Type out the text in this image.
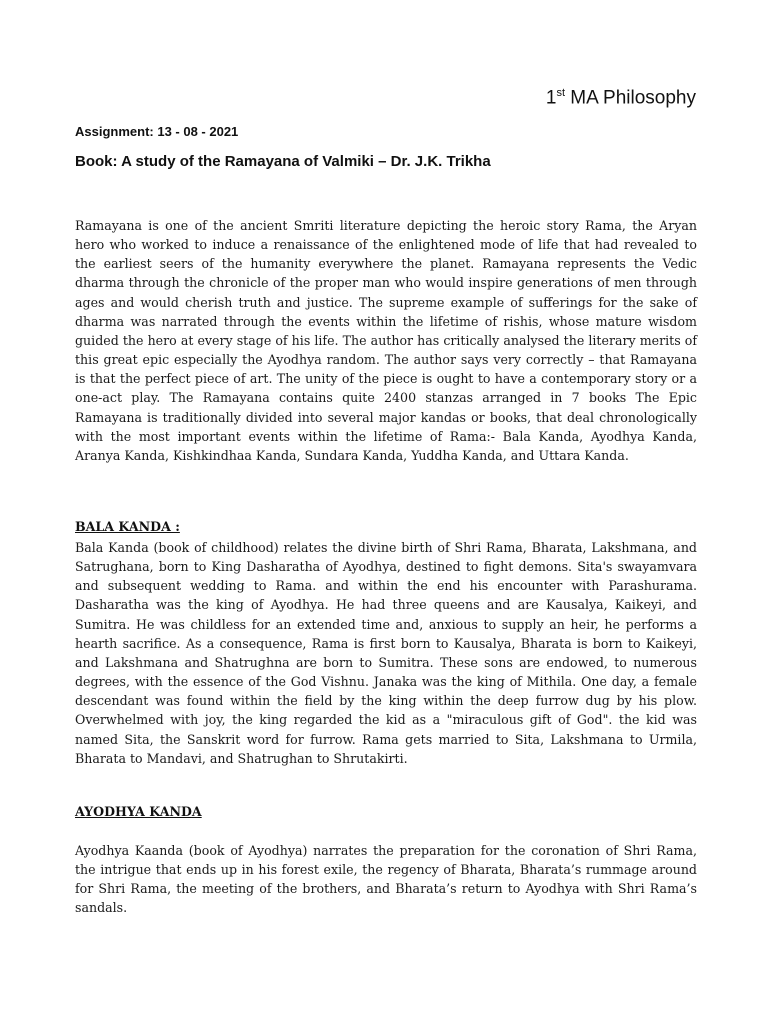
1st MA Philosophy
Assignment: 13 - 08 - 2021
Book: A study of the Ramayana of Valmiki – Dr. J.K. Trikha

Ramayana is one of the ancient Smriti literature depicting the heroic story Rama, the Aryan hero who worked to induce a renaissance of the enlightened mode of life that had revealed to the earliest seers of the humanity everywhere the planet. Ramayana represents the Vedic dharma through the chronicle of the proper man who would inspire generations of men through ages and would cherish truth and justice. The supreme example of sufferings for the sake of dharma was narrated through the events within the lifetime of rishis, whose mature wisdom guided the hero at every stage of his life. The author has critically analysed the literary merits of this great epic especially the Ayodhya random. The author says very correctly – that Ramayana is that the perfect piece of art. The unity of the piece is ought to have a contemporary story or a one-act play. The Ramayana contains quite 2400 stanzas arranged in 7 books The Epic Ramayana is traditionally divided into several major kandas or books, that deal chronologically with the most important events within the lifetime of Rama:- Bala Kanda, Ayodhya Kanda, Aranya Kanda, Kishkindhaa Kanda, Sundara Kanda, Yuddha Kanda, and Uttara Kanda.

BALA KANDA :

Bala Kanda (book of childhood) relates the divine birth of Shri Rama, Bharata, Lakshmana, and Satrughana, born to King Dasharatha of Ayodhya, destined to fight demons. Sita's swayamvara and subsequent wedding to Rama. and within the end his encounter with Parashurama. Dasharatha was the king of Ayodhya. He had three queens and are Kausalya, Kaikeyi, and Sumitra. He was childless for an extended time and, anxious to supply an heir, he performs a hearth sacrifice. As a consequence, Rama is first born to Kausalya, Bharata is born to Kaikeyi, and Lakshmana and Shatrughna are born to Sumitra. These sons are endowed, to numerous degrees, with the essence of the God Vishnu. Janaka was the king of Mithila. One day, a female descendant was found within the field by the king within the deep furrow dug by his plow. Overwhelmed with joy, the king regarded the kid as a "miraculous gift of God". the kid was named Sita, the Sanskrit word for furrow. Rama gets married to Sita, Lakshmana to Urmila, Bharata to Mandavi, and Shatrughan to Shrutakirti.

AYODHYA KANDA

Ayodhya Kaanda (book of Ayodhya) narrates the preparation for the coronation of Shri Rama, the intrigue that ends up in his forest exile, the regency of Bharata, Bharata’s rummage around for Shri Rama, the meeting of the brothers, and Bharata’s return to Ayodhya with Shri Rama’s sandals.
